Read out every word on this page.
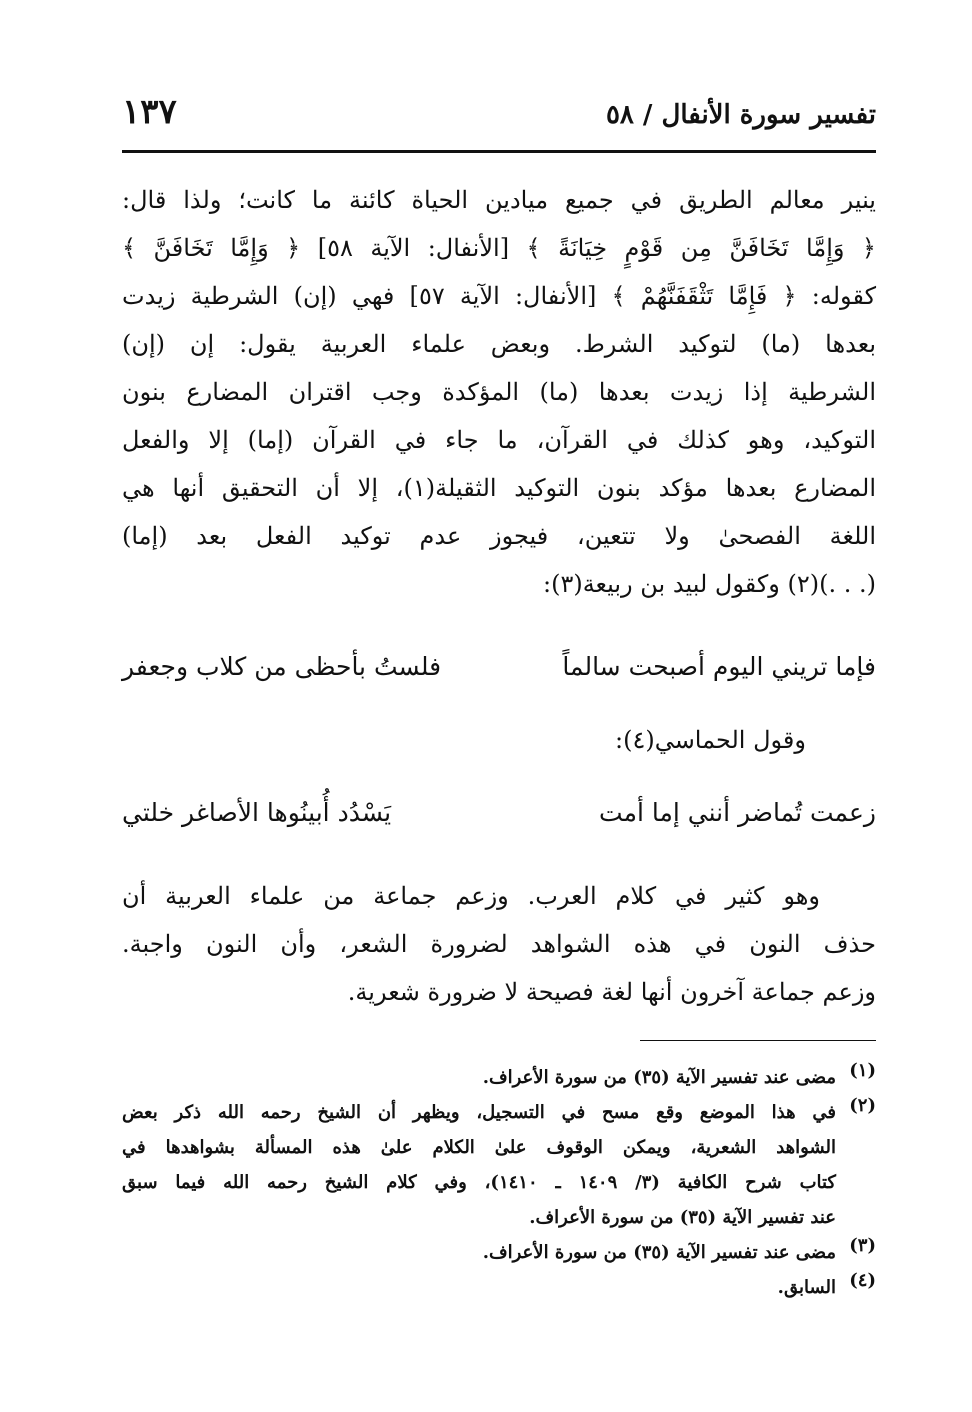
تفسير سورة الأنفال / ٥٨
١٣٧
ينير معالم الطريق في جميع ميادين الحياة كائنة ما كانت؛ ولذا قال:
﴿ وَإِمَّا تَخَافَنَّ مِن قَوْمٍ خِيَانَةً ﴾ [الأنفال: الآية ٥٨] ﴿ وَإِمَّا تَخَافَنَّ ﴾
كقوله: ﴿ فَإِمَّا تَثْقَفَنَّهُمْ ﴾ [الأنفال: الآية ٥٧] فهي (إن) الشرطية زيدت
بعدها (ما) لتوكيد الشرط. وبعض علماء العربية يقول: إن (إن)
الشرطية إذا زيدت بعدها (ما) المؤكدة وجب اقتران المضارع بنون
التوكيد، وهو كذلك في القرآن، ما جاء في القرآن (إما) إلا والفعل
المضارع بعدها مؤكد بنون التوكيد الثقيلة(١)، إلا أن التحقيق أنها هي
اللغة الفصحىٰ ولا تتعين، فيجوز عدم توكيد الفعل بعد (إما)
(. . .)(٢) وكقول لبيد بن ربيعة(٣):
فإما تريني اليوم أصبحت سالماً
فلستُ بأحظى من كلاب وجعفر
وقول الحماسي(٤):
زعمت تُماضر أنني إما أمت
يَسْدُد أُبينُوها الأصاغر خلتي
وهو كثير في كلام العرب. وزعم جماعة من علماء العربية أن
حذف النون في هذه الشواهد لضرورة الشعر، وأن النون واجبة.
وزعم جماعة آخرون أنها لغة فصيحة لا ضرورة شعرية.
(١)
مضى عند تفسير الآية (٣٥) من سورة الأعراف.
(٢)
في هذا الموضع وقع مسح في التسجيل، ويظهر أن الشيخ رحمه الله ذكر بعض
الشواهد الشعرية، ويمكن الوقوف علىٰ الكلام علىٰ هذه المسألة بشواهدها في
كتاب شرح الكافية (٣/ ١٤٠٩ ـ ١٤١٠)، وفي كلام الشيخ رحمه الله فيما سبق
عند تفسير الآية (٣٥) من سورة الأعراف.
(٣)
مضى عند تفسير الآية (٣٥) من سورة الأعراف.
(٤)
السابق.
